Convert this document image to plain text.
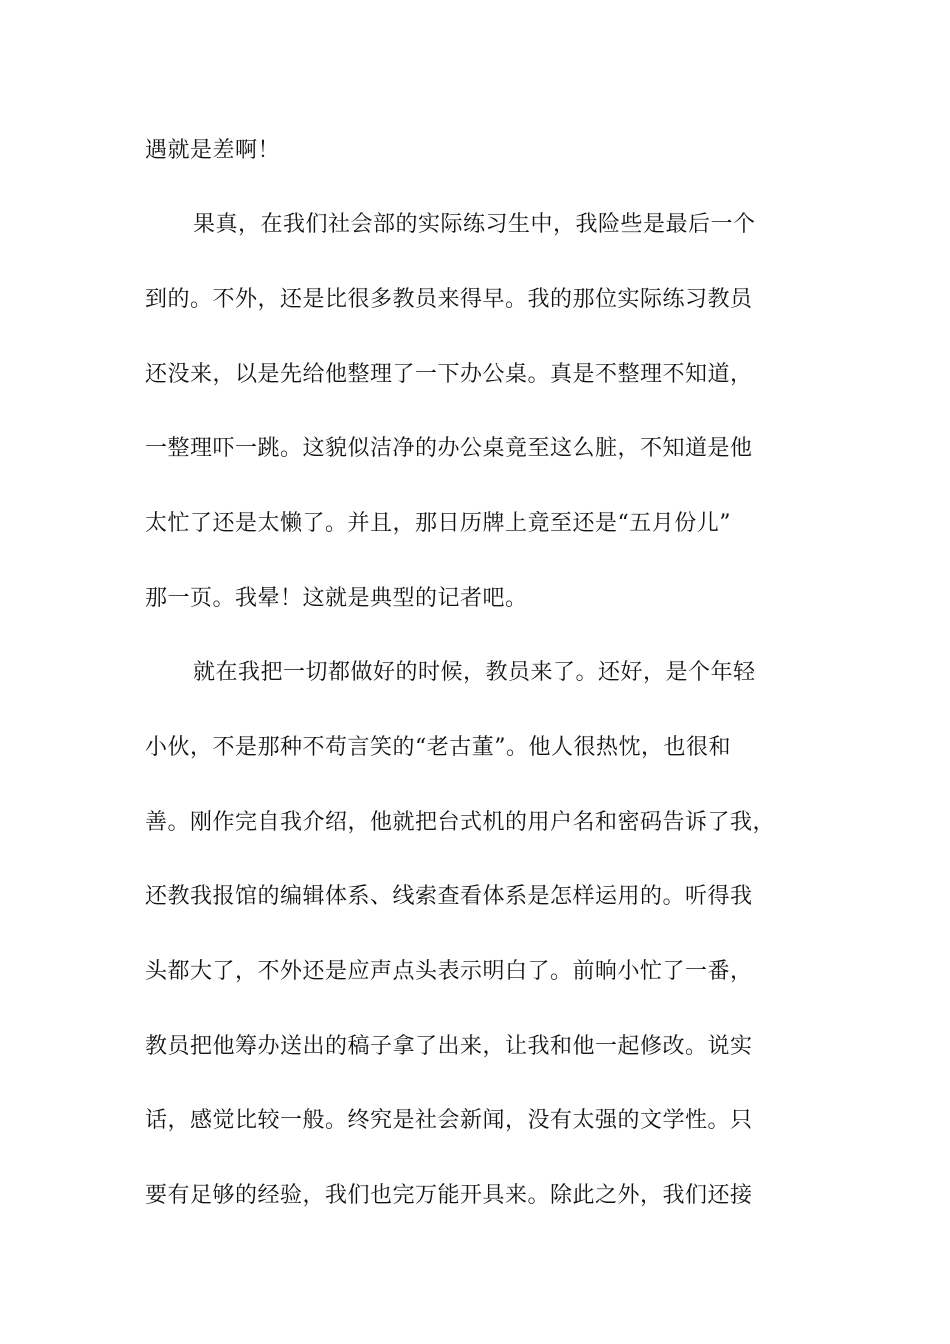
遇就是差啊！
果真，在我们社会部的实际练习生中，我险些是最后一个
到的。不外，还是比很多教员来得早。我的那位实际练习教员
还没来，以是先给他整理了一下办公桌。真是不整理不知道，
一整理吓一跳。这貌似洁净的办公桌竟至这么脏，不知道是他
太忙了还是太懒了。并且，那日历牌上竟至还是“五月份儿”
那一页。我晕！这就是典型的记者吧。
就在我把一切都做好的时候，教员来了。还好，是个年轻
小伙，不是那种不苟言笑的“老古董”。他人很热忱，也很和
善。刚作完自我介绍，他就把台式机的用户名和密码告诉了我，
还教我报馆的编辑体系、线索查看体系是怎样运用的。听得我
头都大了，不外还是应声点头表示明白了。前晌小忙了一番，
教员把他筹办送出的稿子拿了出来，让我和他一起修改。说实
话，感觉比较一般。终究是社会新闻，没有太强的文学性。只
要有足够的经验，我们也完万能开具来。除此之外，我们还接
